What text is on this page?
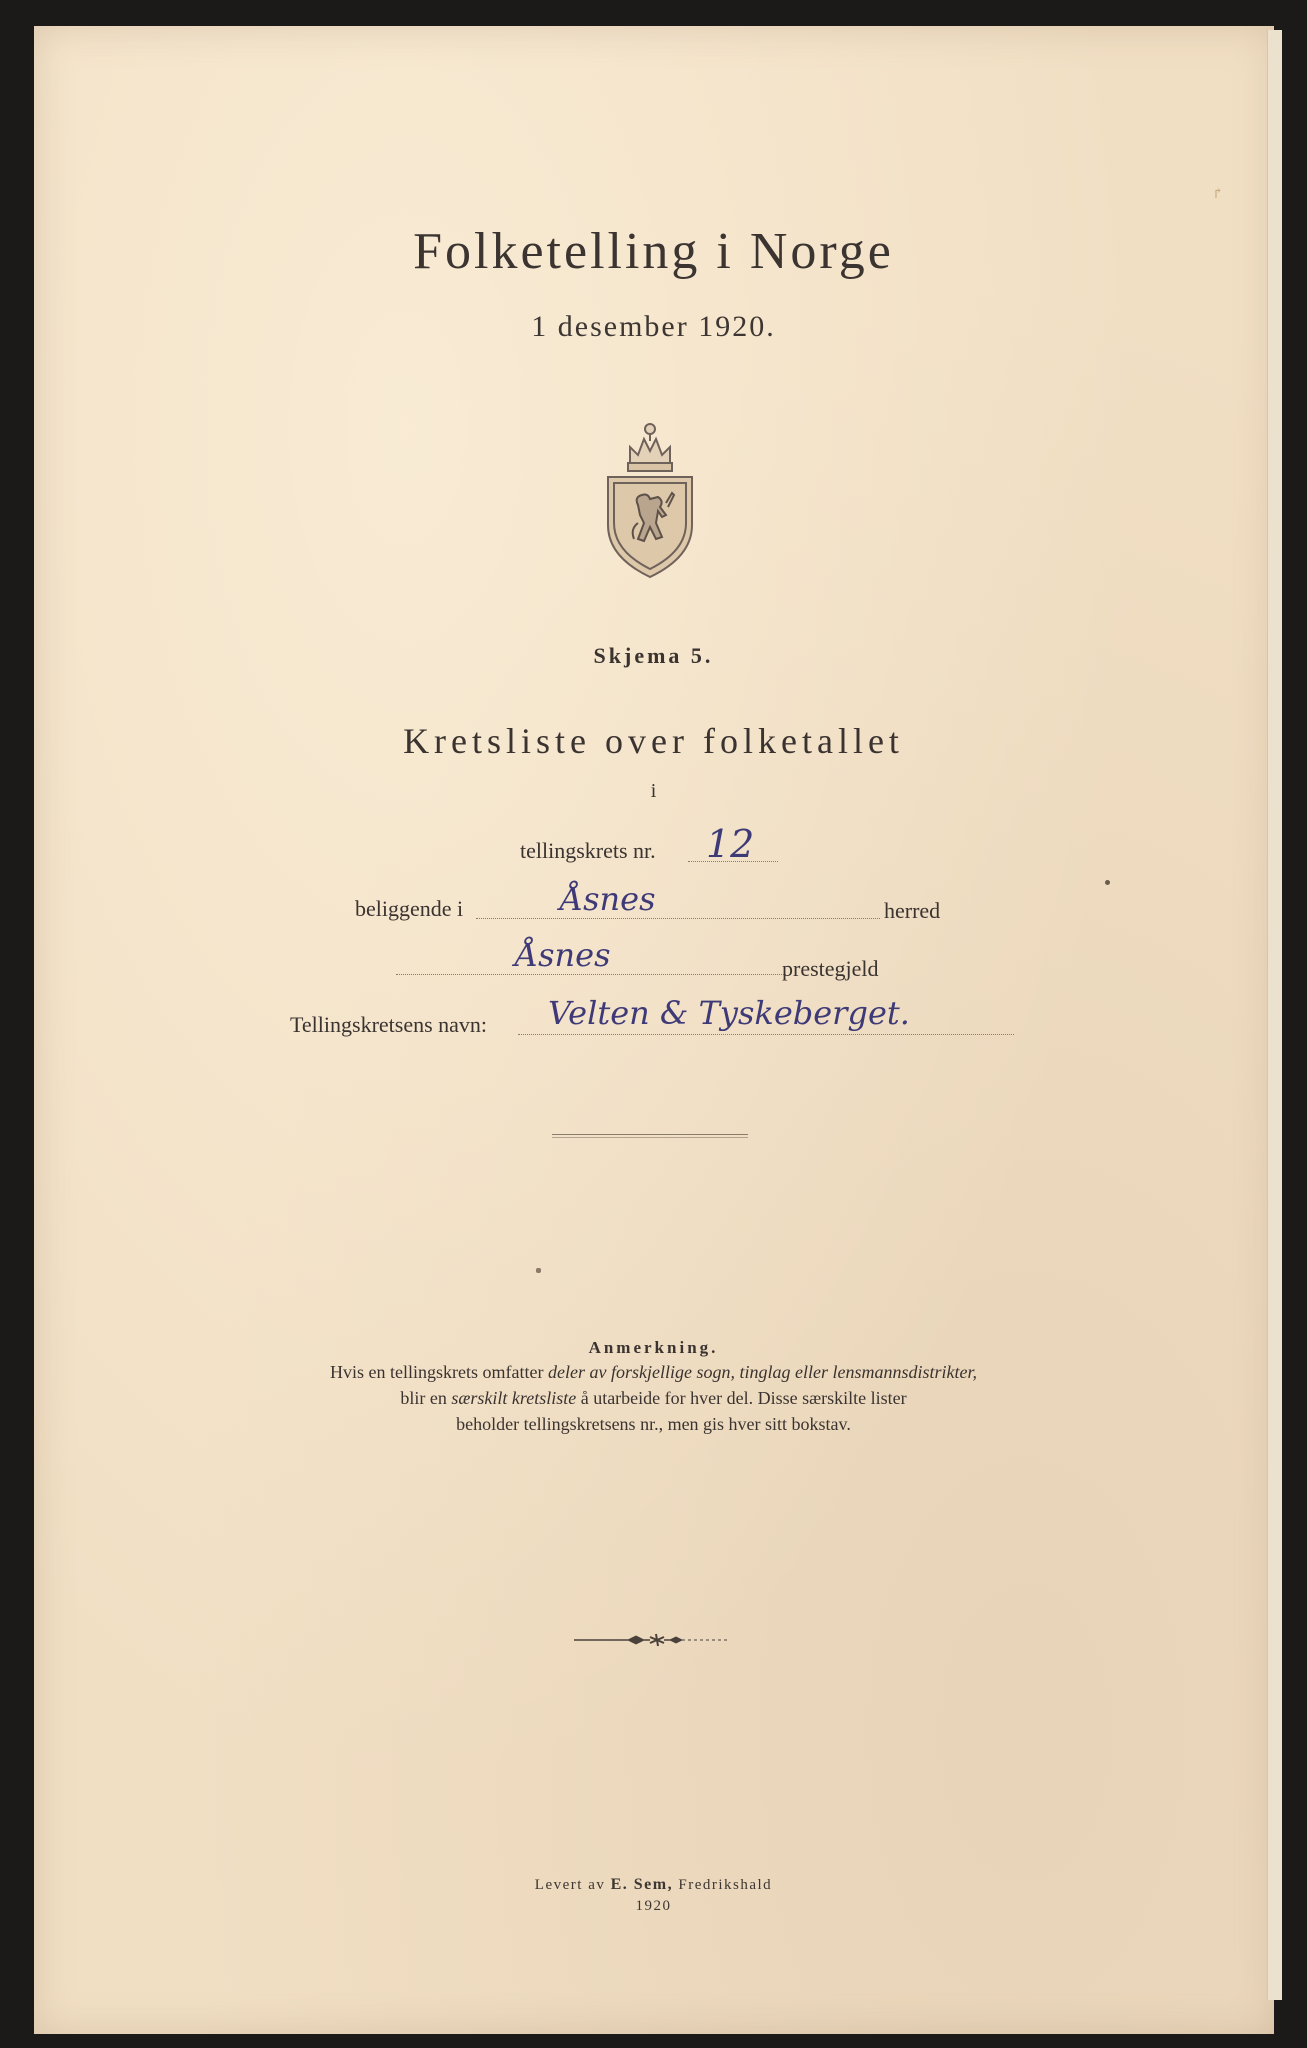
↱
Folketelling i Norge
1 desember 1920.
Skjema 5.
Kretsliste over folketallet
i
tellingskrets nr. 12
beliggende i	Åsnes	herred
Åsnes	prestegjeld
Tellingskretsens navn: Velten & Tyskeberget.
Anmerkning.
Hvis en tellingskrets omfatter deler av forskjellige sogn, tinglag eller lensmannsdistrikter,
blir en særskilt kretsliste å utarbeide for hver del. Disse særskilte lister
beholder tellingskretsens nr., men gis hver sitt bokstav.
Levert av E. Sem, Fredrikshald
1920
